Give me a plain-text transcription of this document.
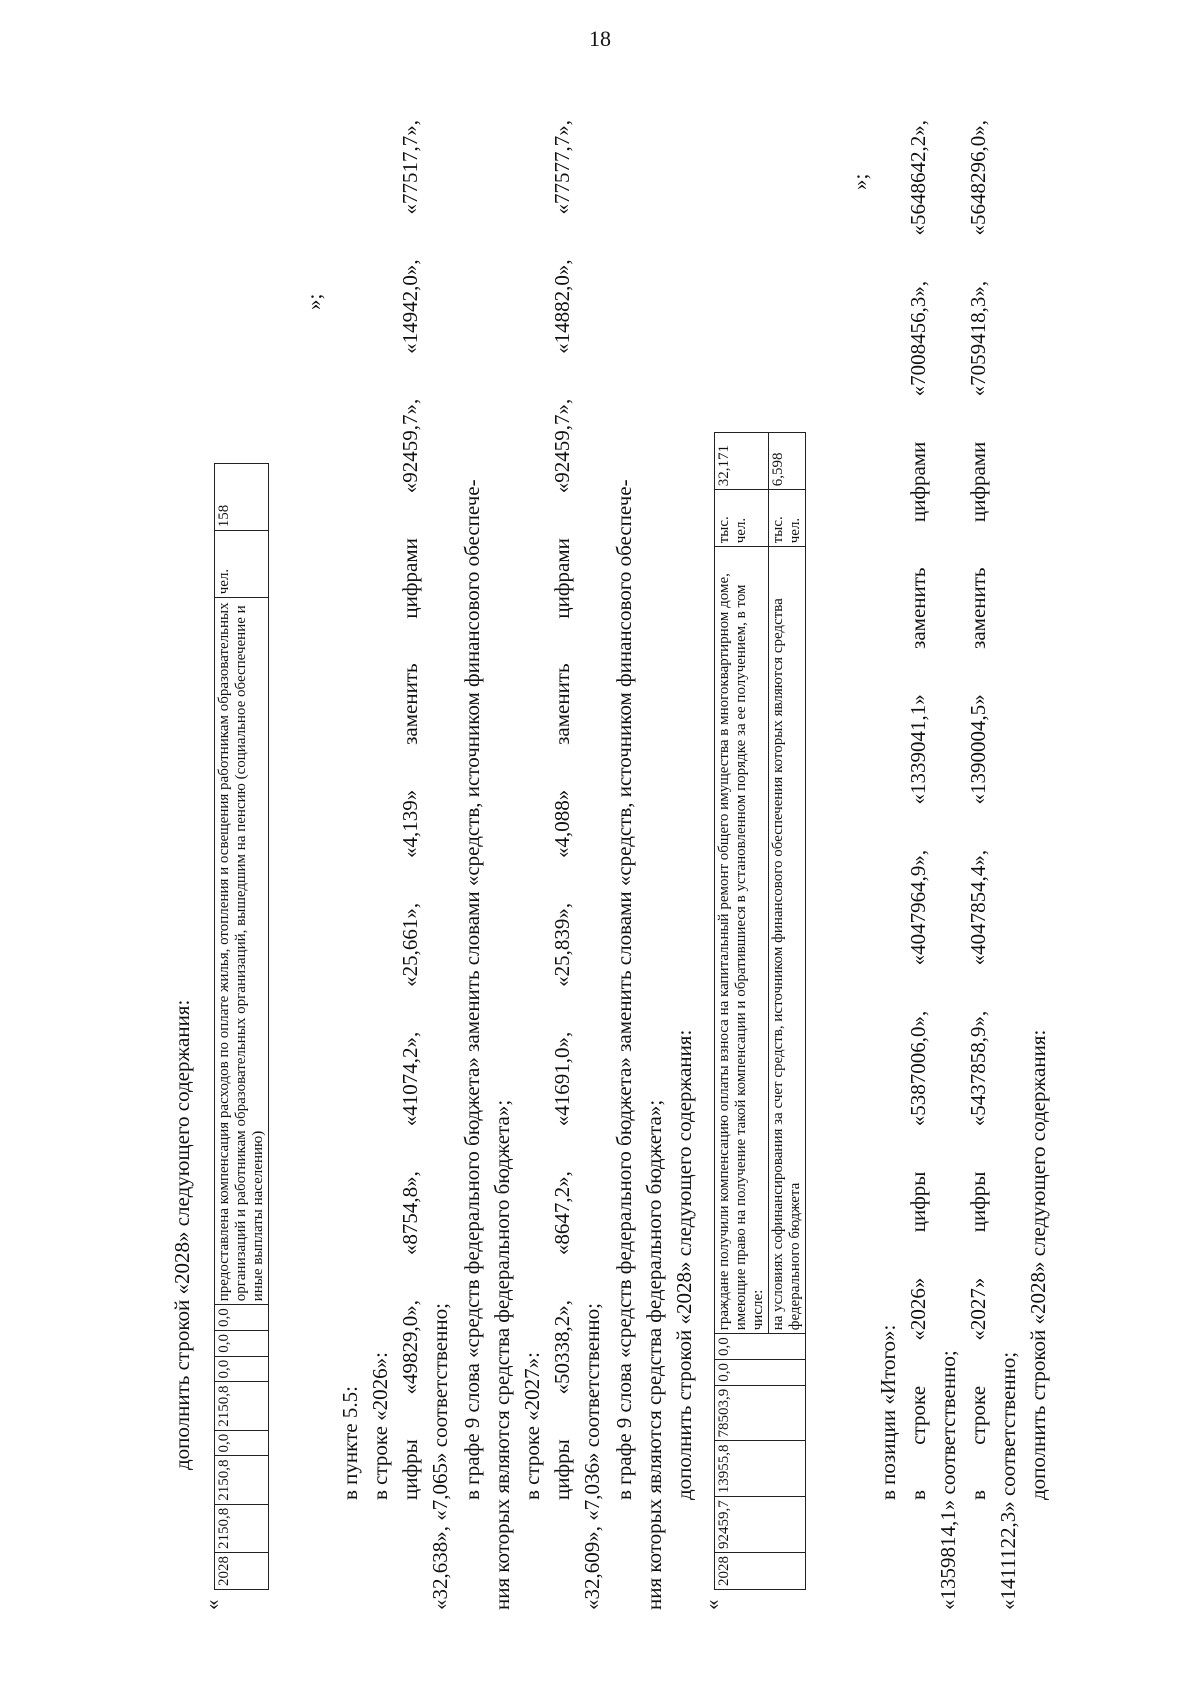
18
дополнить строкой «2028» следующего содержания:
«
2028	2150,8	2150,8	0,0	2150,8	0,0	0,0	0,0	предоставлена компенсация расходов по оплате жилья, отопления и освещения работникам образовательных организаций и работникам образовательных организаций, вышедшим на пенсию (социальное обеспечение и иные выплаты населению)	чел.	158
»;
в пункте 5.5: в строке «2026»: цифры
«49829,0»,
«8754,8»,
«41074,2»,
«25,661»,
«4,139»
заменить
цифрами
«92459,7»,
«14942,0»,
«77517,7»,
«32,638», «7,065» соответственно; в графе 9 слова «средств федерального бюджета» заменить словами «средств, источником финансового обеспече- ния которых являются средства федерального бюджета»; в строке «2027»: цифры
«50338,2»,
«8647,2»,
«41691,0»,
«25,839»,
«4,088»
заменить
цифрами
«92459,7»,
«14882,0»,
«77577,7»,
«32,609», «7,036» соответственно; в графе 9 слова «средств федерального бюджета» заменить словами «средств, источником финансового обеспече- ния которых являются средства федерального бюджета»; дополнить строкой «2028» следующего содержания:
«
2028	92459,7	13955,8	78503,9	0,0	0,0	граждане получили компенсацию оплаты взноса на капитальный ремонт общего имущества в многоквартирном доме, имеющие право на получение такой компенсации и обратившиеся в установленном порядке за ее получением, в том числе:	тыс. чел.	32,171
						на условиях софинансирования за счет средств, источником финансового обеспечения которых являются средства федерального бюджета	тыс. чел.	6,598
»;
в позиции «Итого»: в
строке
«2026»
цифры
«5387006,0»,
«4047964,9»,
«1339041,1»
заменить
цифрами
«7008456,3»,
«5648642,2»,
«1359814,1» соответственно; в
строке
«2027»
цифры
«5437858,9»,
«4047854,4»,
«1390004,5»
заменить
цифрами
«7059418,3»,
«5648296,0»,
«1411122,3» соответственно; дополнить строкой «2028» следующего содержания:
